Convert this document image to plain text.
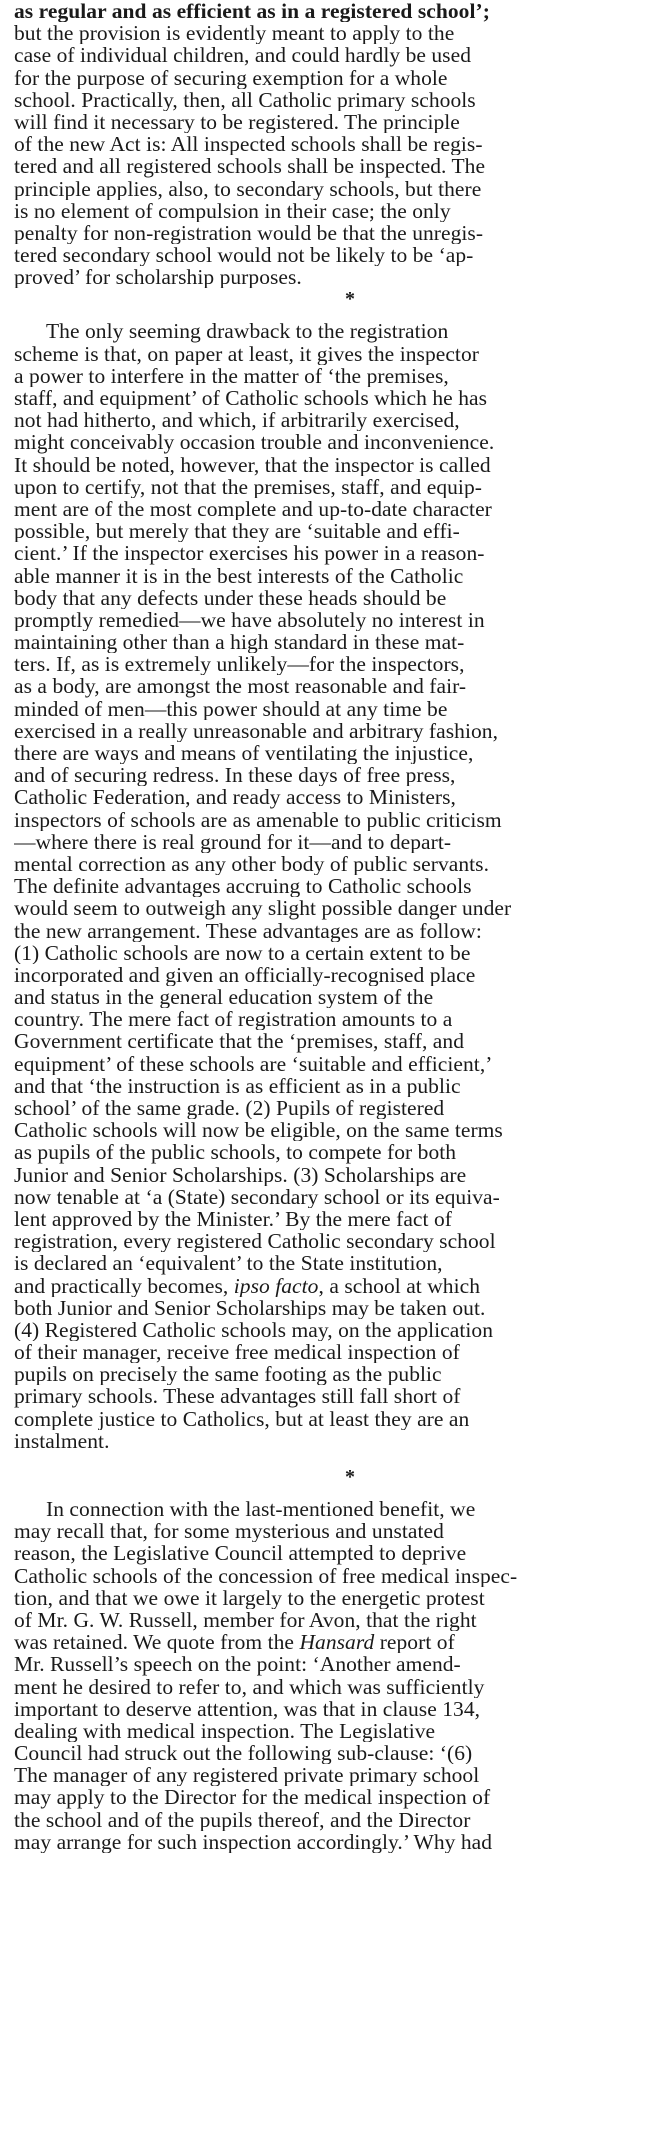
as regular and as efficient as in a registered school’;
but the provision is evidently meant to apply to the
case of individual children, and could hardly be used
for the purpose of securing exemption for a whole
school. Practically, then, all Catholic primary schools
will find it necessary to be registered. The principle
of the new Act is: All inspected schools shall be regis-
tered and all registered schools shall be inspected. The
principle applies, also, to secondary schools, but there
is no element of compulsion in their case; the only
penalty for non-registration would be that the unregis-
tered secondary school would not be likely to be ‘ap-
proved’ for scholarship purposes.
*
The only seeming drawback to the registration
scheme is that, on paper at least, it gives the inspector
a power to interfere in the matter of ‘the premises,
staff, and equipment’ of Catholic schools which he has
not had hitherto, and which, if arbitrarily exercised,
might conceivably occasion trouble and inconvenience.
It should be noted, however, that the inspector is called
upon to certify, not that the premises, staff, and equip-
ment are of the most complete and up-to-date character
possible, but merely that they are ‘suitable and effi-
cient.’ If the inspector exercises his power in a reason-
able manner it is in the best interests of the Catholic
body that any defects under these heads should be
promptly remedied—we have absolutely no interest in
maintaining other than a high standard in these mat-
ters. If, as is extremely unlikely—for the inspectors,
as a body, are amongst the most reasonable and fair-
minded of men—this power should at any time be
exercised in a really unreasonable and arbitrary fashion,
there are ways and means of ventilating the injustice,
and of securing redress. In these days of free press,
Catholic Federation, and ready access to Ministers,
inspectors of schools are as amenable to public criticism
—where there is real ground for it—and to depart-
mental correction as any other body of public servants.
The definite advantages accruing to Catholic schools
would seem to outweigh any slight possible danger under
the new arrangement. These advantages are as follow:
(1) Catholic schools are now to a certain extent to be
incorporated and given an officially-recognised place
and status in the general education system of the
country. The mere fact of registration amounts to a
Government certificate that the ‘premises, staff, and
equipment’ of these schools are ‘suitable and efficient,’
and that ‘the instruction is as efficient as in a public
school’ of the same grade. (2) Pupils of registered
Catholic schools will now be eligible, on the same terms
as pupils of the public schools, to compete for both
Junior and Senior Scholarships. (3) Scholarships are
now tenable at ‘a (State) secondary school or its equiva-
lent approved by the Minister.’ By the mere fact of
registration, every registered Catholic secondary school
is declared an ‘equivalent’ to the State institution,
and practically becomes, ipso facto, a school at which
both Junior and Senior Scholarships may be taken out.
(4) Registered Catholic schools may, on the application
of their manager, receive free medical inspection of
pupils on precisely the same footing as the public
primary schools. These advantages still fall short of
complete justice to Catholics, but at least they are an
instalment.
*
In connection with the last-mentioned benefit, we
may recall that, for some mysterious and unstated
reason, the Legislative Council attempted to deprive
Catholic schools of the concession of free medical inspec-
tion, and that we owe it largely to the energetic protest
of Mr. G. W. Russell, member for Avon, that the right
was retained. We quote from the Hansard report of
Mr. Russell’s speech on the point: ‘Another amend-
ment he desired to refer to, and which was sufficiently
important to deserve attention, was that in clause 134,
dealing with medical inspection. The Legislative
Council had struck out the following sub-clause: ‘(6)
The manager of any registered private primary school
may apply to the Director for the medical inspection of
the school and of the pupils thereof, and the Director
may arrange for such inspection accordingly.’ Why had
